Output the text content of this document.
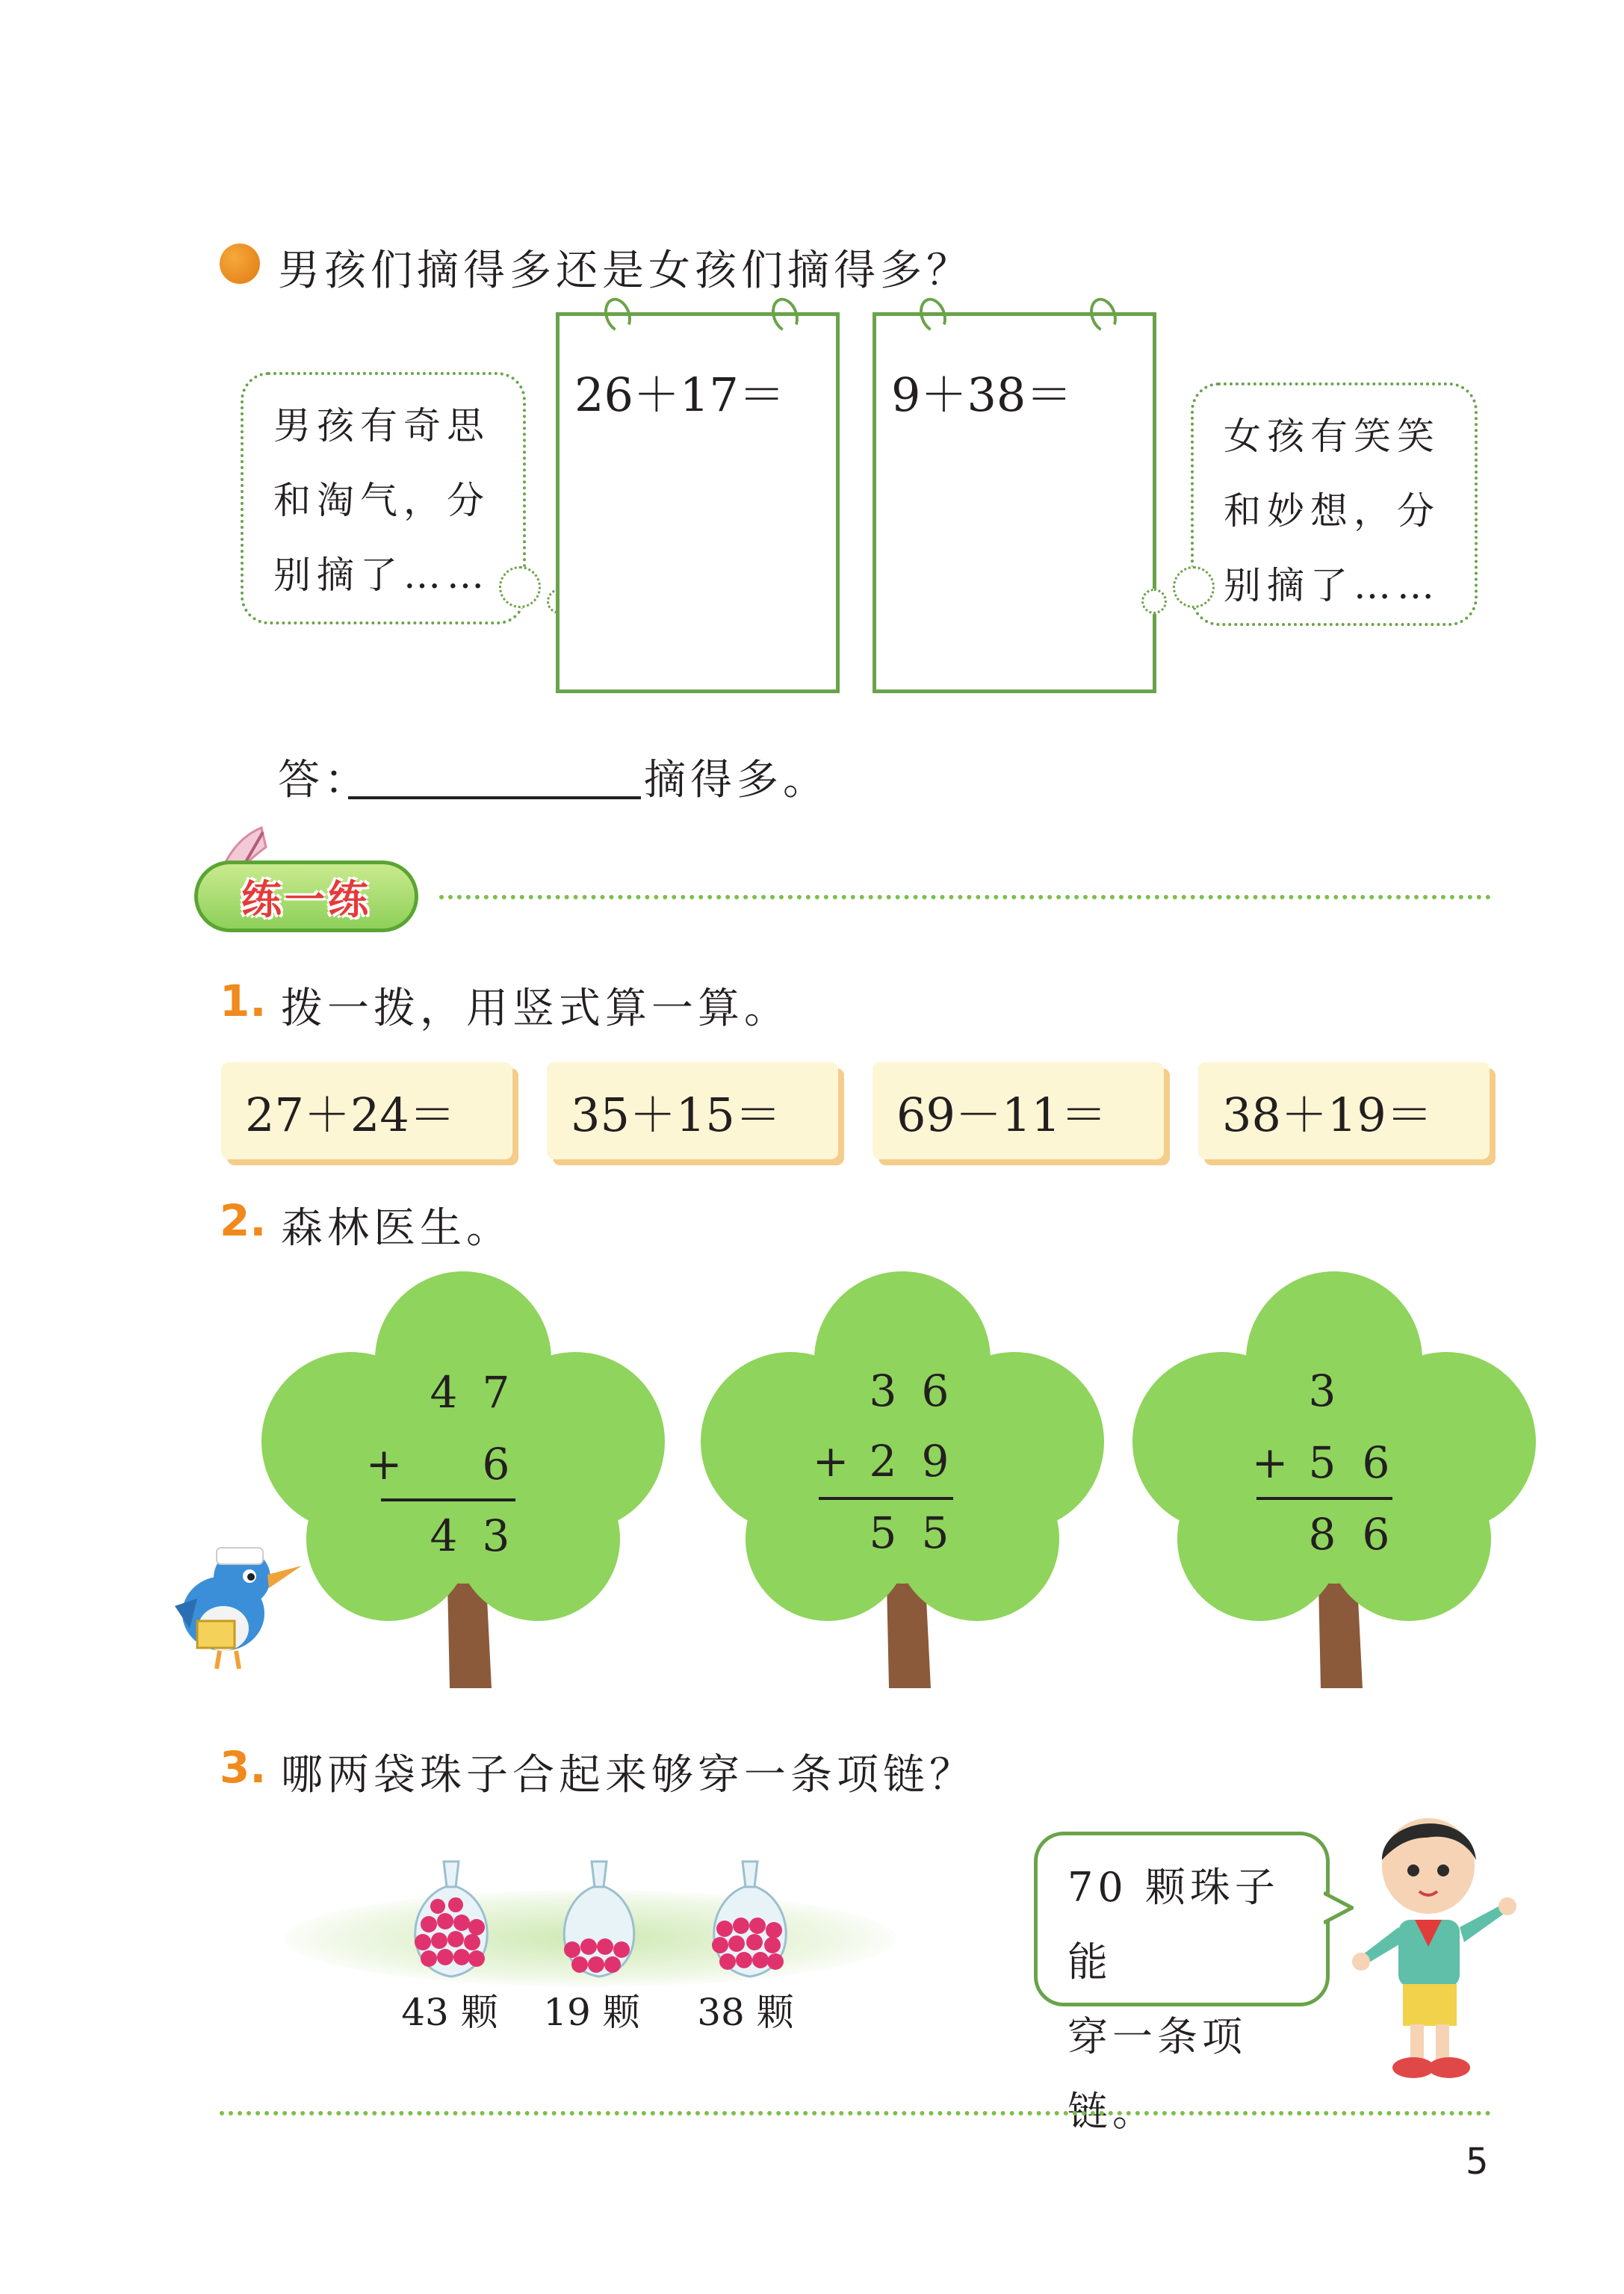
男孩们摘得多还是女孩们摘得多？
男孩有奇思
和淘气，分
别摘了……
26＋17＝	9＋38＝
女孩有笑笑
和妙想，分
别摘了……
答：	摘得多。
练一练
1. 拨一拨，用竖式算一算。
27＋24＝	35＋15＝	69－11＝	38＋19＝
2. 森林医生。
4 7
+ 6
4 3
3 6
+ 2 9
5 5
3
+ 5 6
8 6
3. 哪两袋珠子合起来够穿一条项链？
43 颗	19 颗	38 颗
70 颗珠子能
穿一条项链。
5
